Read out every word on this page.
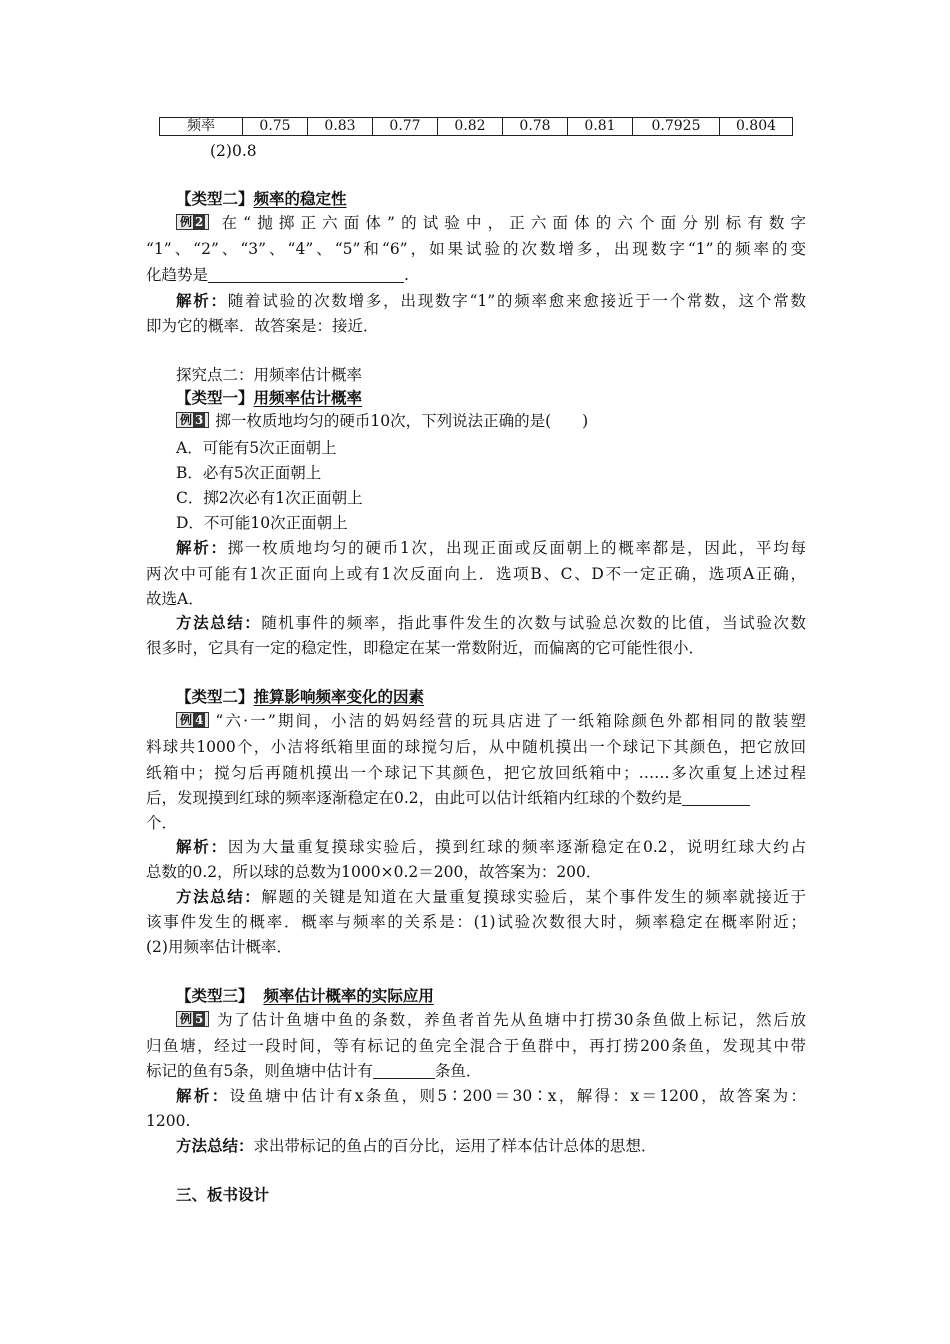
频率	0.75	0.83	0.77	0.82	0.78	0.81	0.7925	0.804
(2)0.8
【类型二】频率的稳定性
例 2 在“抛掷正六面体”的试验中，正六面体的六个面分别标有数字
“1”、“2”、“3”、“4”、“5”和“6”，如果试验的次数增多，出现数字“1”的频率的变
化趋势是	.
解析：随着试验的次数增多，出现数字“1”的频率愈来愈接近于一个常数，这个常数
即为它的概率．故答案是：接近．
探究点二：用频率估计概率
【类型一】用频率估计概率
例 3 掷一枚质地均匀的硬币10次，下列说法正确的是(　　)
A．可能有5次正面朝上
B．必有5次正面朝上
C．掷2次必有1次正面朝上
D．不可能10次正面朝上
解析：掷一枚质地均匀的硬币1次，出现正面或反面朝上的概率都是，因此，平均每
两次中可能有1次正面向上或有1次反面向上．选项B、C、D不一定正确，选项A正确，
故选A．
方法总结：随机事件的频率，指此事件发生的次数与试验总次数的比值，当试验次数
很多时，它具有一定的稳定性，即稳定在某一常数附近，而偏离的它可能性很小．
【类型二】推算影响频率变化的因素
例 4 “六·一”期间，小洁的妈妈经营的玩具店进了一纸箱除颜色外都相同的散装塑
料球共1000个，小洁将纸箱里面的球搅匀后，从中随机摸出一个球记下其颜色，把它放回
纸箱中；搅匀后再随机摸出一个球记下其颜色，把它放回纸箱中；……多次重复上述过程
后，发现摸到红球的频率逐渐稳定在0.2，由此可以估计纸箱内红球的个数约是
个．
解析：因为大量重复摸球实验后，摸到红球的频率逐渐稳定在0.2，说明红球大约占
总数的0.2，所以球的总数为1000×0.2＝200，故答案为：200．
方法总结：解题的关键是知道在大量重复摸球实验后，某个事件发生的频率就接近于
该事件发生的概率．概率与频率的关系是：(1)试验次数很大时，频率稳定在概率附近；
(2)用频率估计概率．
【类型三】 频率估计概率的实际应用
例 5 为了估计鱼塘中鱼的条数，养鱼者首先从鱼塘中打捞30条鱼做上标记，然后放
归鱼塘，经过一段时间，等有标记的鱼完全混合于鱼群中，再打捞200条鱼，发现其中带
标记的鱼有5条，则鱼塘中估计有	条鱼．
解析：设鱼塘中估计有x条鱼，则5∶200＝30∶x，解得：x＝1200，故答案为：
1200.
方法总结：求出带标记的鱼占的百分比，运用了样本估计总体的思想．
三、板书设计
